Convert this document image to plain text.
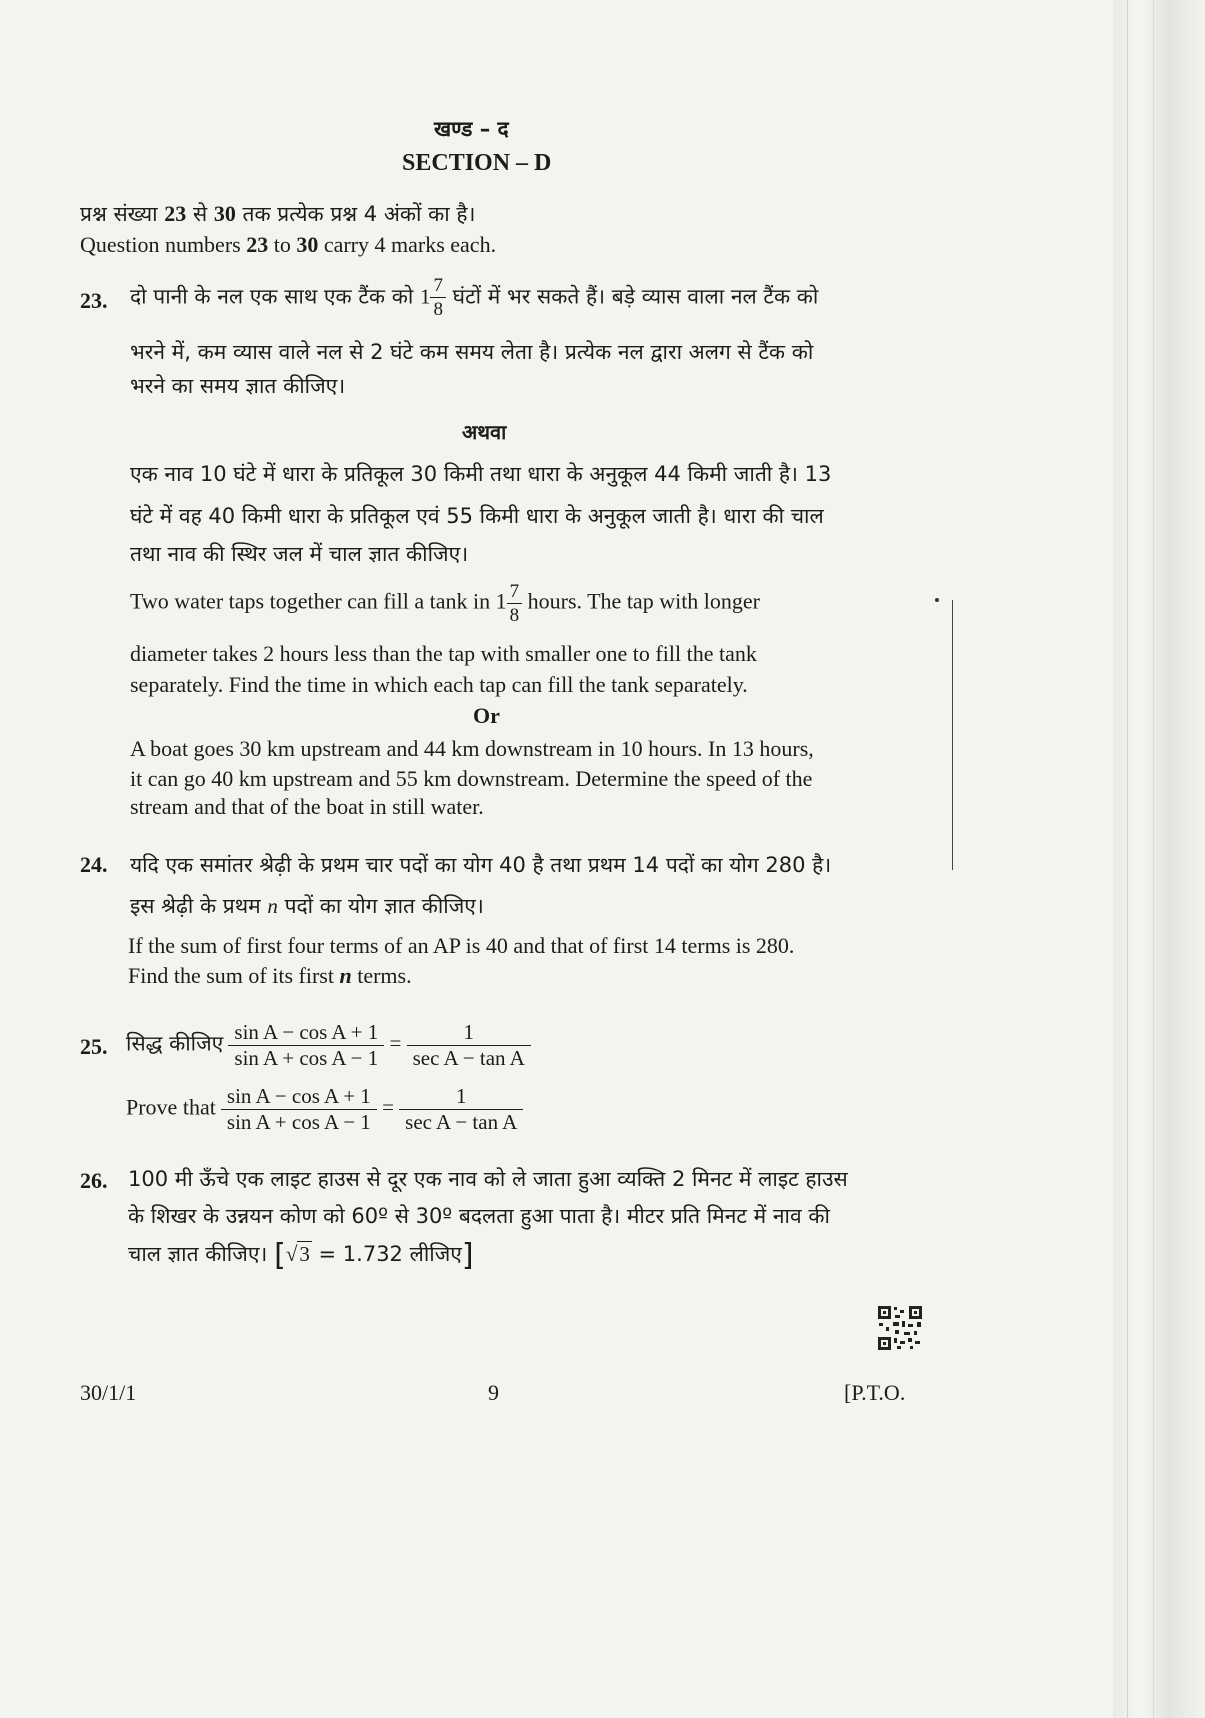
खण्ड – द
SECTION – D
प्रश्न संख्या 23 से 30 तक प्रत्येक प्रश्न 4 अंकों का है।
Question numbers 23 to 30 carry 4 marks each.
23. दो पानी के नल एक साथ एक टैंक को $1 \frac{7}{8}$ घंटों में भर सकते हैं। बड़े व्यास वाला नल टैंक को
भरने में, कम व्यास वाले नल से 2 घंटे कम समय लेता है। प्रत्येक नल द्वारा अलग से टैंक को
भरने का समय ज्ञात कीजिए।
अथवा
एक नाव 10 घंटे में धारा के प्रतिकूल 30 किमी तथा धारा के अनुकूल 44 किमी जाती है। 13
घंटे में वह 40 किमी धारा के प्रतिकूल एवं 55 किमी धारा के अनुकूल जाती है। धारा की चाल
तथा नाव की स्थिर जल में चाल ज्ञात कीजिए।
Two water taps together can fill a tank in $1 \frac{7}{8}$ hours. The tap with longer
diameter takes 2 hours less than the tap with smaller one to fill the tank
separately. Find the time in which each tap can fill the tank separately.
Or
A boat goes 30 km upstream and 44 km downstream in 10 hours. In 13 hours,
it can go 40 km upstream and 55 km downstream. Determine the speed of the
stream and that of the boat in still water.
24. यदि एक समांतर श्रेढ़ी के प्रथम चार पदों का योग 40 है तथा प्रथम 14 पदों का योग 280 है।
इस श्रेढ़ी के प्रथम n पदों का योग ज्ञात कीजिए।
If the sum of first four terms of an AP is 40 and that of first 14 terms is 280.
Find the sum of its first n terms.
25. सिद्ध कीजिए $\frac{\text{sin A − cos A + 1}}{\text{sin A + cos A − 1}} = \frac{1}{\text{sec A − tan A}}$
Prove that $\frac{\text{sin A − cos A + 1}}{\text{sin A + cos A − 1}} = \frac{1}{\text{sec A − tan A}}$
26. 100 मी ऊँचे एक लाइट हाउस से दूर एक नाव को ले जाता हुआ व्यक्ति 2 मिनट में लाइट हाउस
के शिखर के उन्नयन कोण को 60º से 30º बदलता हुआ पाता है। मीटर प्रति मिनट में नाव की
चाल ज्ञात कीजिए। [√3 = 1.732 लीजिए]
30/1/1	9	[P.T.O.
